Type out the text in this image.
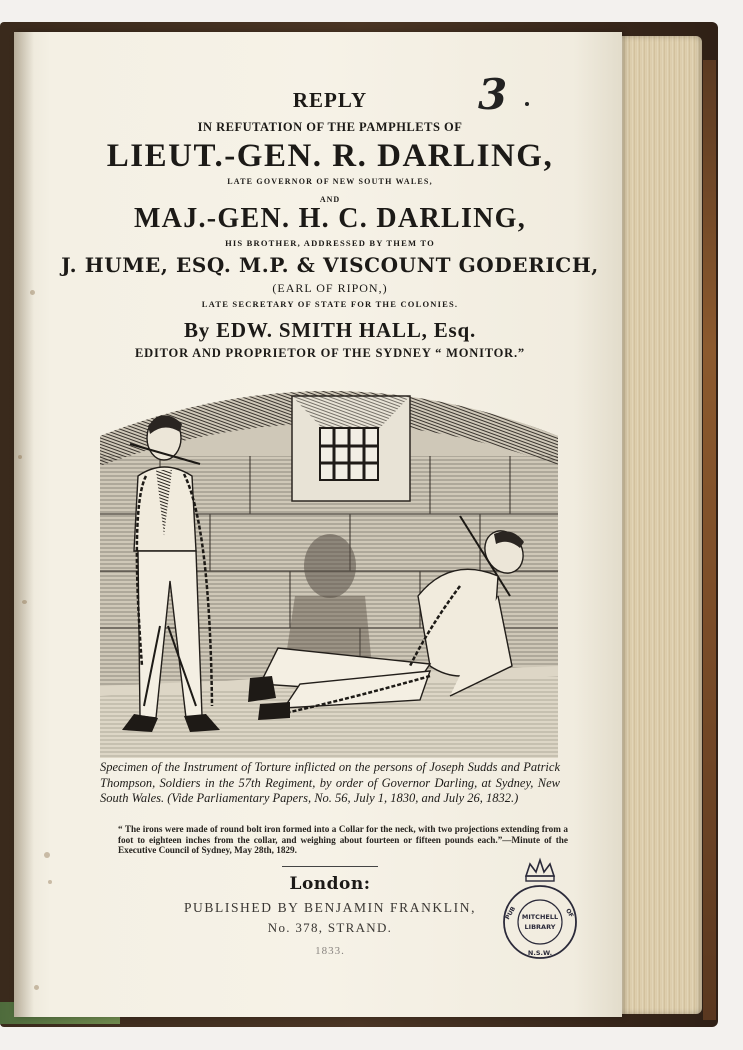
3
REPLY
IN REFUTATION OF THE PAMPHLETS OF
LIEUT.-GEN. R. DARLING,
LATE GOVERNOR OF NEW SOUTH WALES,
AND
MAJ.-GEN. H. C. DARLING,
HIS BROTHER, ADDRESSED BY THEM TO
J. HUME, ESQ. M.P. & VISCOUNT GODERICH,
(EARL OF RIPON,)
LATE SECRETARY OF STATE FOR THE COLONIES.
By EDW. SMITH HALL, Esq.
EDITOR AND PROPRIETOR OF THE SYDNEY “ MONITOR.”
Specimen of the Instrument of Torture inflicted on the persons of Joseph Sudds and Patrick Thompson, Soldiers in the 57th Regiment, by order of Governor Darling, at Sydney, New South Wales. (Vide Parliamentary Papers, No. 56, July 1, 1830, and July 26, 1832.)
“ The irons were made of round bolt iron formed into a Collar for the neck, with two projections extending from a foot to eighteen inches from the collar, and weighing about fourteen or fifteen pounds each.”—Minute of the Executive Council of Sydney, May 28th, 1829.
London:
PUBLISHED BY BENJAMIN FRANKLIN,
No. 378, STRAND.
1833.
MITCHELL
LIBRARY
PUB	OF
N.S.W.
